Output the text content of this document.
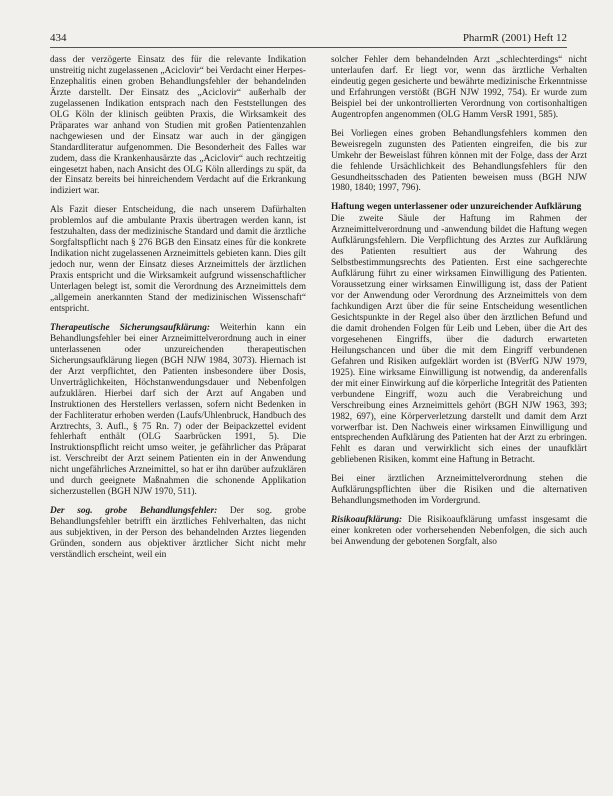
434	PharmR (2001) Heft 12

dass der verzögerte Einsatz des für die relevante Indikation unstreitig nicht zugelassenen „Aciclovir“ bei Verdacht einer Herpes-Enzephalitis einen groben Behandlungsfehler der behandelnden Ärzte darstellt. Der Einsatz des „Aciclovir“ außerhalb der zugelassenen Indikation entsprach nach den Feststellungen des OLG Köln der klinisch geübten Praxis, die Wirksamkeit des Präparates war anhand von Studien mit großen Patientenzahlen nachgewiesen und der Einsatz war auch in der gängigen Standardliteratur aufgenommen. Die Besonderheit des Falles war zudem, dass die Krankenhausärzte das „Aciclovir“ auch rechtzeitig eingesetzt haben, nach Ansicht des OLG Köln allerdings zu spät, da der Einsatz bereits bei hinreichendem Verdacht auf die Erkrankung indiziert war.

Als Fazit dieser Entscheidung, die nach unserem Dafürhalten problemlos auf die ambulante Praxis übertragen werden kann, ist festzuhalten, dass der medizinische Standard und damit die ärztliche Sorgfaltspflicht nach § 276 BGB den Einsatz eines für die konkrete Indikation nicht zugelassenen Arzneimittels gebieten kann. Dies gilt jedoch nur, wenn der Einsatz dieses Arzneimittels der ärztlichen Praxis entspricht und die Wirksamkeit aufgrund wissenschaftlicher Unterlagen belegt ist, somit die Verordnung des Arzneimittels dem „allgemein anerkannten Stand der medizinischen Wissenschaft“ entspricht.

Therapeutische Sicherungsaufklärung: Weiterhin kann ein Behandlungsfehler bei einer Arzneimittelverordnung auch in einer unterlassenen oder unzureichenden therapeutischen Sicherungsaufklärung liegen (BGH NJW 1984, 3073). Hiernach ist der Arzt verpflichtet, den Patienten insbesondere über Dosis, Unverträglichkeiten, Höchstanwendungsdauer und Nebenfolgen aufzuklären. Hierbei darf sich der Arzt auf Angaben und Instruktionen des Herstellers verlassen, sofern nicht Bedenken in der Fachliteratur erhoben werden (Laufs/Uhlenbruck, Handbuch des Arztrechts, 3. Aufl., § 75 Rn. 7) oder der Beipackzettel evident fehlerhaft enthält (OLG Saarbrücken 1991, 5). Die Instruktionspflicht reicht umso weiter, je gefährlicher das Präparat ist. Verschreibt der Arzt seinem Patienten ein in der Anwendung nicht ungefährliches Arzneimittel, so hat er ihn darüber aufzuklären und durch geeignete Maßnahmen die schonende Applikation sicherzustellen (BGH NJW 1970, 511).

Der sog. grobe Behandlungsfehler: Der sog. grobe Behandlungsfehler betrifft ein ärztliches Fehlverhalten, das nicht aus subjektiven, in der Person des behandelnden Arztes liegenden Gründen, sondern aus objektiver ärztlicher Sicht nicht mehr verständlich erscheint, weil ein

solcher Fehler dem behandelnden Arzt „schlechterdings“ nicht unterlaufen darf. Er liegt vor, wenn das ärztliche Verhalten eindeutig gegen gesicherte und bewährte medizinische Erkenntnisse und Erfahrungen verstößt (BGH NJW 1992, 754). Er wurde zum Beispiel bei der unkontrollierten Verordnung von cortisonhaltigen Augentropfen angenommen (OLG Hamm VersR 1991, 585).

Bei Vorliegen eines groben Behandlungsfehlers kommen den Beweisregeln zugunsten des Patienten eingreifen, die bis zur Umkehr der Beweislast führen können mit der Folge, dass der Arzt die fehlende Ursächlichkeit des Behandlungsfehlers für den Gesundheitsschaden des Patienten beweisen muss (BGH NJW 1980, 1840; 1997, 796).

Haftung wegen unterlassener oder unzureichender Aufklärung

Die zweite Säule der Haftung im Rahmen der Arzneimittelverordnung und -anwendung bildet die Haftung wegen Aufklärungsfehlern. Die Verpflichtung des Arztes zur Aufklärung des Patienten resultiert aus der Wahrung des Selbstbestimmungsrechts des Patienten. Erst eine sachgerechte Aufklärung führt zu einer wirksamen Einwilligung des Patienten. Voraussetzung einer wirksamen Einwilligung ist, dass der Patient vor der Anwendung oder Verordnung des Arzneimittels von dem fachkundigen Arzt über die für seine Entscheidung wesentlichen Gesichtspunkte in der Regel also über den ärztlichen Befund und die damit drohenden Folgen für Leib und Leben, über die Art des vorgesehenen Eingriffs, über die dadurch erwarteten Heilungschancen und über die mit dem Eingriff verbundenen Gefahren und Risiken aufgeklärt worden ist (BVerfG NJW 1979, 1925). Eine wirksame Einwilligung ist notwendig, da anderenfalls der mit einer Einwirkung auf die körperliche Integrität des Patienten verbundene Eingriff, wozu auch die Verabreichung und Verschreibung eines Arzneimittels gehört (BGH NJW 1963, 393; 1982, 697), eine Körperverletzung darstellt und damit dem Arzt vorwerfbar ist. Den Nachweis einer wirksamen Einwilligung und entsprechenden Aufklärung des Patienten hat der Arzt zu erbringen. Fehlt es daran und verwirklicht sich eines der unaufklärt gebliebenen Risiken, kommt eine Haftung in Betracht.

Bei einer ärztlichen Arzneimittelverordnung stehen die Aufklärungspflichten über die Risiken und die alternativen Behandlungsmethoden im Vordergrund.

Risikoaufklärung: Die Risikoaufklärung umfasst insgesamt die einer konkreten oder vorhersehenden Nebenfolgen, die sich auch bei Anwendung der gebotenen Sorgfalt, also
